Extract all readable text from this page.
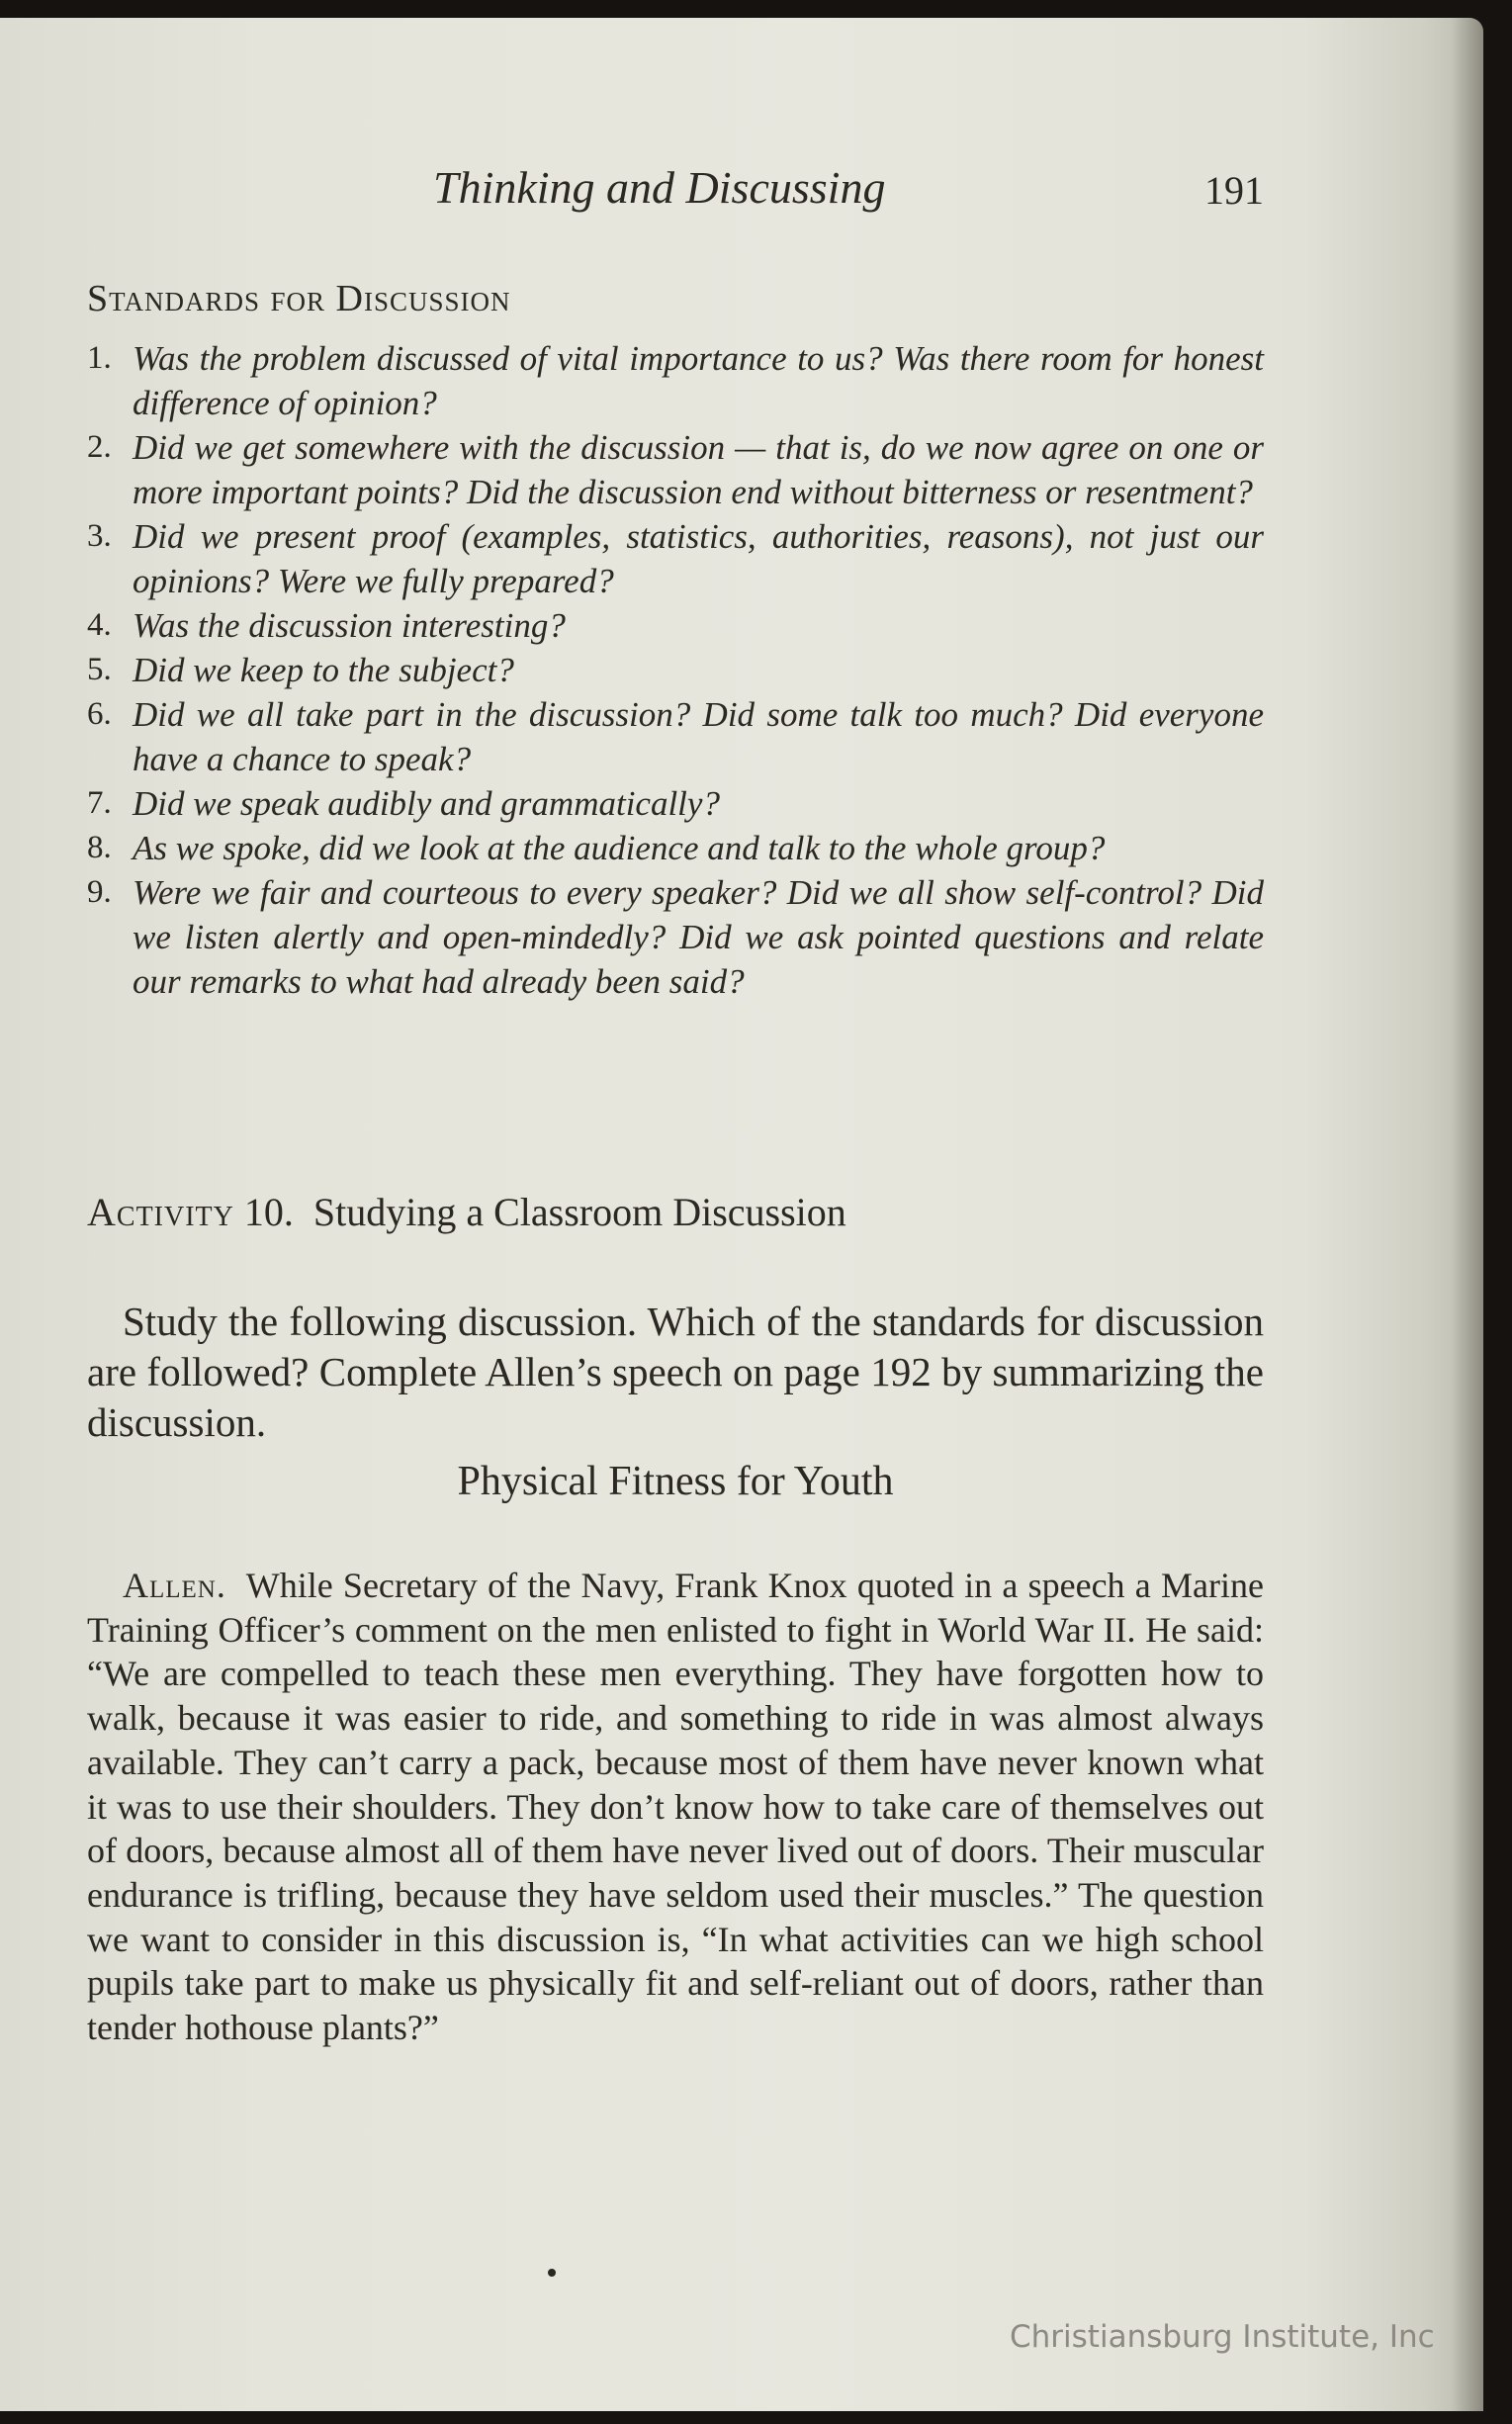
Thinking and Discussing	191
Standards for Discussion
1. Was the problem discussed of vital importance to us? Was there room for honest difference of opinion?
2. Did we get somewhere with the discussion — that is, do we now agree on one or more important points? Did the discussion end without bitterness or resentment?
3. Did we present proof (examples, statistics, authorities, reasons), not just our opinions? Were we fully prepared?
4. Was the discussion interesting?
5. Did we keep to the subject?
6. Did we all take part in the discussion? Did some talk too much? Did everyone have a chance to speak?
7. Did we speak audibly and grammatically?
8. As we spoke, did we look at the audience and talk to the whole group?
9. Were we fair and courteous to every speaker? Did we all show self-control? Did we listen alertly and open-mindedly? Did we ask pointed questions and relate our remarks to what had already been said?
Activity 10. Studying a Classroom Discussion

Study the following discussion. Which of the standards for discussion are followed? Complete Allen’s speech on page 192 by summarizing the discussion.

Physical Fitness for Youth

Allen. While Secretary of the Navy, Frank Knox quoted in a speech a Marine Training Officer’s comment on the men enlisted to fight in World War II. He said: “We are compelled to teach these men everything. They have forgotten how to walk, because it was easier to ride, and something to ride in was almost always available. They can’t carry a pack, because most of them have never known what it was to use their shoulders. They don’t know how to take care of themselves out of doors, because almost all of them have never lived out of doors. Their muscular endurance is trifling, because they have seldom used their muscles.” The question we want to consider in this discussion is, “In what activities can we high school pupils take part to make us physically fit and self-reliant out of doors, rather than tender hothouse plants?”

Christiansburg Institute, Inc
